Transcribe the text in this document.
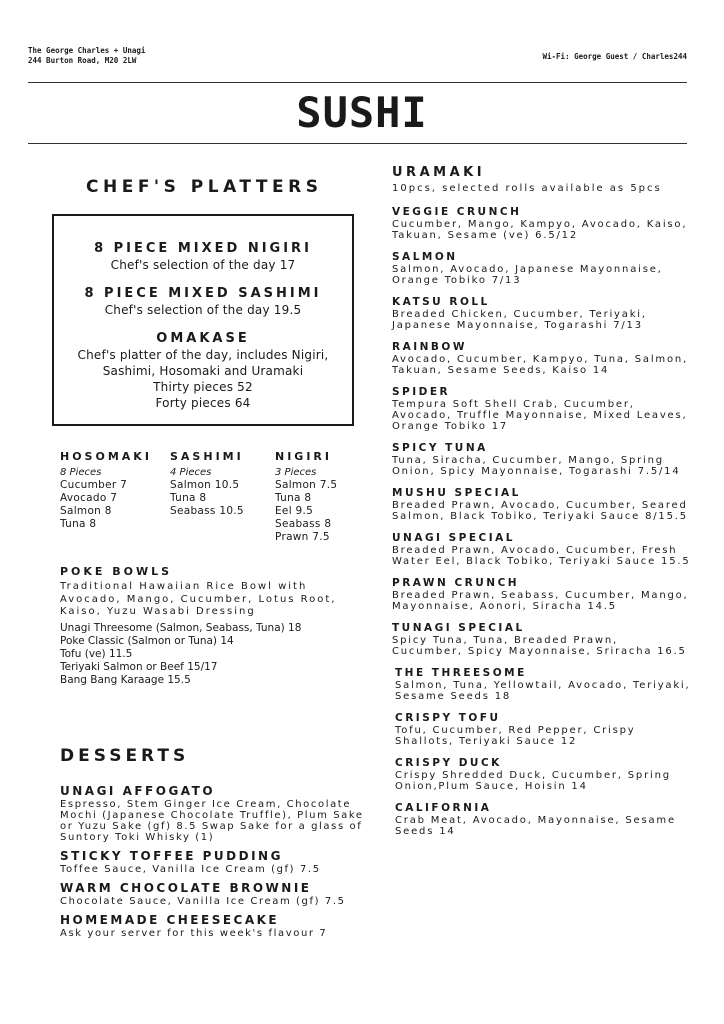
The George Charles + Unagi
244 Burton Road, M20 2LW	Wi-Fi: George Guest / Charles244
SUSHI
CHEF'S PLATTERS
8 PIECE MIXED NIGIRI
Chef's selection of the day 17
8 PIECE MIXED SASHIMI
Chef's selection of the day 19.5
OMAKASE
Chef's platter of the day, includes Nigiri,
Sashimi, Hosomaki and Uramaki
Thirty pieces 52
Forty pieces 64
HOSOMAKI
8 Pieces
Cucumber 7
Avocado 7
Salmon 8
Tuna 8
SASHIMI
4 Pieces
Salmon 10.5
Tuna 8
Seabass 10.5
NIGIRI
3 Pieces
Salmon 7.5
Tuna 8
Eel 9.5
Seabass 8
Prawn 7.5
POKE BOWLS
Traditional Hawaiian Rice Bowl with Avocado, Mango, Cucumber, Lotus Root, Kaiso, Yuzu Wasabi Dressing
Unagi Threesome (Salmon, Seabass, Tuna) 18
Poke Classic (Salmon or Tuna) 14
Tofu (ve) 11.5
Teriyaki Salmon or Beef 15/17
Bang Bang Karaage 15.5
DESSERTS
UNAGI AFFOGATO
Espresso, Stem Ginger Ice Cream, Chocolate Mochi (Japanese Chocolate Truffle), Plum Sake or Yuzu Sake (gf) 8.5 Swap Sake for a glass of Suntory Toki Whisky (1)
STICKY TOFFEE PUDDING
Toffee Sauce, Vanilla Ice Cream (gf) 7.5
WARM CHOCOLATE BROWNIE
Chocolate Sauce, Vanilla Ice Cream (gf) 7.5
HOMEMADE CHEESECAKE
Ask your server for this week's flavour 7
URAMAKI
10pcs, selected rolls available as 5pcs
VEGGIE CRUNCH
Cucumber, Mango, Kampyo, Avocado, Kaiso, Takuan, Sesame (ve) 6.5/12
SALMON
Salmon, Avocado, Japanese Mayonnaise, Orange Tobiko 7/13
KATSU ROLL
Breaded Chicken, Cucumber, Teriyaki, Japanese Mayonnaise, Togarashi 7/13
RAINBOW
Avocado, Cucumber, Kampyo, Tuna, Salmon, Takuan, Sesame Seeds, Kaiso 14
SPIDER
Tempura Soft Shell Crab, Cucumber, Avocado, Truffle Mayonnaise, Mixed Leaves, Orange Tobiko 17
SPICY TUNA
Tuna, Siracha, Cucumber, Mango, Spring Onion, Spicy Mayonnaise, Togarashi 7.5/14
MUSHU SPECIAL
Breaded Prawn, Avocado, Cucumber, Seared Salmon, Black Tobiko, Teriyaki Sauce 8/15.5
UNAGI SPECIAL
Breaded Prawn, Avocado, Cucumber, Fresh Water Eel, Black Tobiko, Teriyaki Sauce 15.5
PRAWN CRUNCH
Breaded Prawn, Seabass, Cucumber, Mango, Mayonnaise, Aonori, Siracha 14.5
TUNAGI SPECIAL
Spicy Tuna, Tuna, Breaded Prawn, Cucumber, Spicy Mayonnaise, Sriracha 16.5
THE THREESOME
Salmon, Tuna, Yellowtail, Avocado, Teriyaki, Sesame Seeds 18
CRISPY TOFU
Tofu, Cucumber, Red Pepper, Crispy Shallots, Teriyaki Sauce 12
CRISPY DUCK
Crispy Shredded Duck, Cucumber, Spring Onion,Plum Sauce, Hoisin 14
CALIFORNIA
Crab Meat, Avocado, Mayonnaise, Sesame Seeds 14
